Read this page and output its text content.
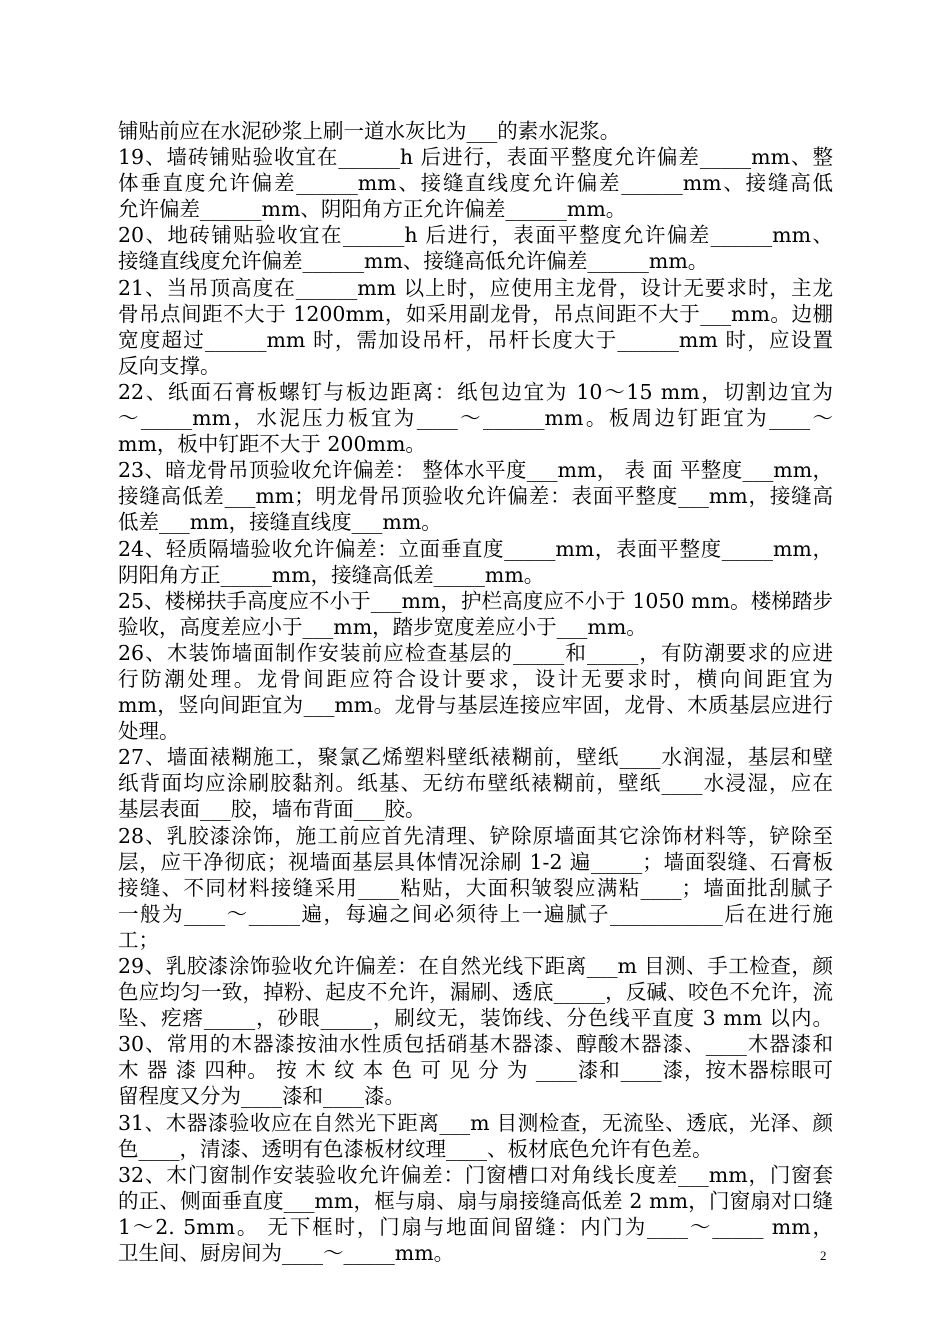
铺贴前应在水泥砂浆上刷一道水灰比为___的素水泥浆。
19、墙砖铺贴验收宜在______h 后进行，表面平整度允许偏差_____mm、整
体垂直度允许偏差______mm、接缝直线度允许偏差______mm、接缝高低
允许偏差______mm、阴阳角方正允许偏差______mm。
20、地砖铺贴验收宜在______h 后进行，表面平整度允许偏差______mm、
接缝直线度允许偏差______mm、接缝高低允许偏差______mm。
21、当吊顶高度在______mm 以上时，应使用主龙骨，设计无要求时，主龙
骨吊点间距不大于 1200mm，如采用副龙骨，吊点间距不大于___mm。边棚
宽度超过______mm 时，需加设吊杆，吊杆长度大于______mm 时，应设置
反向支撑。
22、纸面石膏板螺钉与板边距离：纸包边宜为 10～15 mm，切割边宜为
～_____mm，水泥压力板宜为____～______mm。板周边钉距宜为____～
mm，板中钉距不大于 200mm。
23、暗龙骨吊顶验收允许偏差： 整体水平度___mm， 表 面 平整度___mm，
接缝高低差___mm；明龙骨吊顶验收允许偏差：表面平整度___mm，接缝高
低差___mm，接缝直线度___mm。
24、轻质隔墙验收允许偏差：立面垂直度_____mm，表面平整度_____mm，
阴阳角方正_____mm，接缝高低差_____mm。
25、楼梯扶手高度应不小于___mm，护栏高度应不小于 1050 mm。楼梯踏步
验收，高度差应小于___mm，踏步宽度差应小于___mm。
26、木装饰墙面制作安装前应检查基层的_____和_____，有防潮要求的应进
行防潮处理。龙骨间距应符合设计要求，设计无要求时，横向间距宜为
mm，竖向间距宜为___mm。龙骨与基层连接应牢固，龙骨、木质基层应进行
处理。
27、墙面裱糊施工，聚氯乙烯塑料壁纸裱糊前，壁纸____水润湿，基层和壁
纸背面均应涂刷胶黏剂。纸基、无纺布壁纸裱糊前，壁纸____水浸湿，应在
基层表面___胶，墙布背面___胶。
28、乳胶漆涂饰，施工前应首先清理、铲除原墙面其它涂饰材料等，铲除至
层，应干净彻底；视墙面基层具体情况涂刷 1-2 遍_____；墙面裂缝、石膏板
接缝、不同材料接缝采用____粘贴，大面积皱裂应满粘____；墙面批刮腻子
一般为____～_____遍，每遍之间必须待上一遍腻子___________后在进行施
工；
29、乳胶漆涂饰验收允许偏差：在自然光线下距离___m 目测、手工检查，颜
色应均匀一致，掉粉、起皮不允许，漏刷、透底_____，反碱、咬色不允许，流
坠、疙瘩_____，砂眼_____，刷纹无，装饰线、分色线平直度 3 mm 以内。
30、常用的木器漆按油水性质包括硝基木器漆、醇酸木器漆、____木器漆和
木 器 漆 四种。 按 木 纹 本 色 可 见 分 为 ____漆和____漆，按木器棕眼可
留程度又分为____漆和____漆。
31、木器漆验收应在自然光下距离___m 目测检查，无流坠、透底，光泽、颜
色____，清漆、透明有色漆板材纹理____、板材底色允许有色差。
32、木门窗制作安装验收允许偏差：门窗槽口对角线长度差___mm，门窗套
的正、侧面垂直度___mm，框与扇、扇与扇接缝高低差 2 mm，门窗扇对口缝
1～2. 5mm。 无下框时，门扇与地面间留缝：内门为____～_____ mm，
卫生间、厨房间为____～_____mm。	2
